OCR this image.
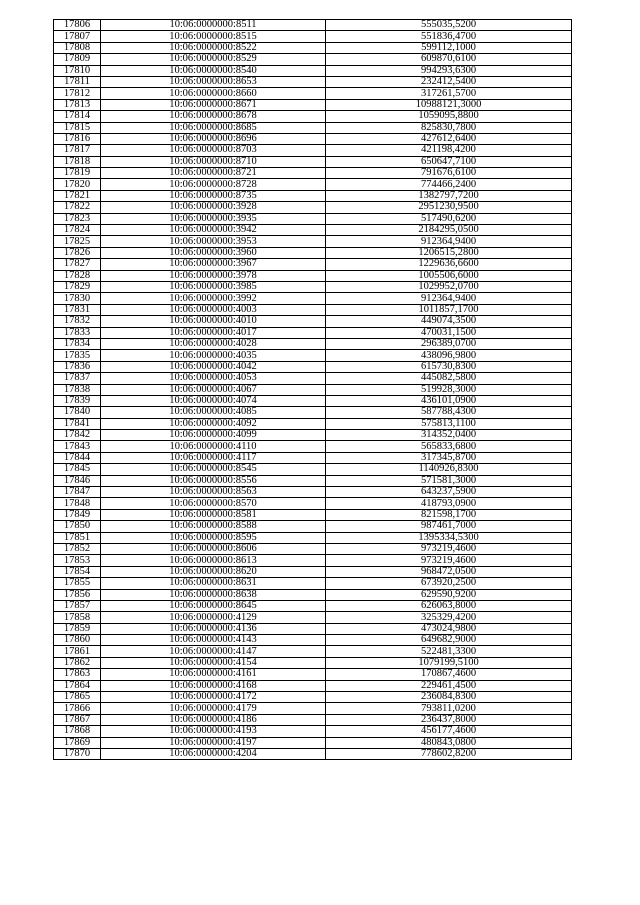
17806	10:06:0000000:8511	555035,5200
17807	10:06:0000000:8515	551836,4700
17808	10:06:0000000:8522	599112,1000
17809	10:06:0000000:8529	609870,6100
17810	10:06:0000000:8540	994293,6300
17811	10:06:0000000:8653	232412,5400
17812	10:06:0000000:8660	317261,5700
17813	10:06:0000000:8671	10988121,3000
17814	10:06:0000000:8678	1059095,8800
17815	10:06:0000000:8685	825830,7800
17816	10:06:0000000:8696	427612,6400
17817	10:06:0000000:8703	421198,4200
17818	10:06:0000000:8710	650647,7100
17819	10:06:0000000:8721	791676,6100
17820	10:06:0000000:8728	774466,2400
17821	10:06:0000000:8735	1382797,7200
17822	10:06:0000000:3928	2951230,9500
17823	10:06:0000000:3935	517490,6200
17824	10:06:0000000:3942	2184295,0500
17825	10:06:0000000:3953	912364,9400
17826	10:06:0000000:3960	1206515,2800
17827	10:06:0000000:3967	1229636,6600
17828	10:06:0000000:3978	1005506,6000
17829	10:06:0000000:3985	1029952,0700
17830	10:06:0000000:3992	912364,9400
17831	10:06:0000000:4003	1011857,1700
17832	10:06:0000000:4010	449074,3500
17833	10:06:0000000:4017	470031,1500
17834	10:06:0000000:4028	296389,0700
17835	10:06:0000000:4035	438096,9800
17836	10:06:0000000:4042	615730,8300
17837	10:06:0000000:4053	445082,5800
17838	10:06:0000000:4067	519928,3000
17839	10:06:0000000:4074	436101,0900
17840	10:06:0000000:4085	587788,4300
17841	10:06:0000000:4092	575813,1100
17842	10:06:0000000:4099	314352,0400
17843	10:06:0000000:4110	565833,6800
17844	10:06:0000000:4117	317345,8700
17845	10:06:0000000:8545	1140926,8300
17846	10:06:0000000:8556	571581,3000
17847	10:06:0000000:8563	643237,5900
17848	10:06:0000000:8570	418793,0900
17849	10:06:0000000:8581	821598,1700
17850	10:06:0000000:8588	987461,7000
17851	10:06:0000000:8595	1395334,5300
17852	10:06:0000000:8606	973219,4600
17853	10:06:0000000:8613	973219,4600
17854	10:06:0000000:8620	968472,0500
17855	10:06:0000000:8631	673920,2500
17856	10:06:0000000:8638	629590,9200
17857	10:06:0000000:8645	626063,8000
17858	10:06:0000000:4129	325329,4200
17859	10:06:0000000:4136	473024,9800
17860	10:06:0000000:4143	649682,9000
17861	10:06:0000000:4147	522481,3300
17862	10:06:0000000:4154	1079199,5100
17863	10:06:0000000:4161	170867,4600
17864	10:06:0000000:4168	229461,4500
17865	10:06:0000000:4172	236084,8300
17866	10:06:0000000:4179	793811,0200
17867	10:06:0000000:4186	236437,8000
17868	10:06:0000000:4193	456177,4600
17869	10:06:0000000:4197	480843,0800
17870	10:06:0000000:4204	778602,8200
